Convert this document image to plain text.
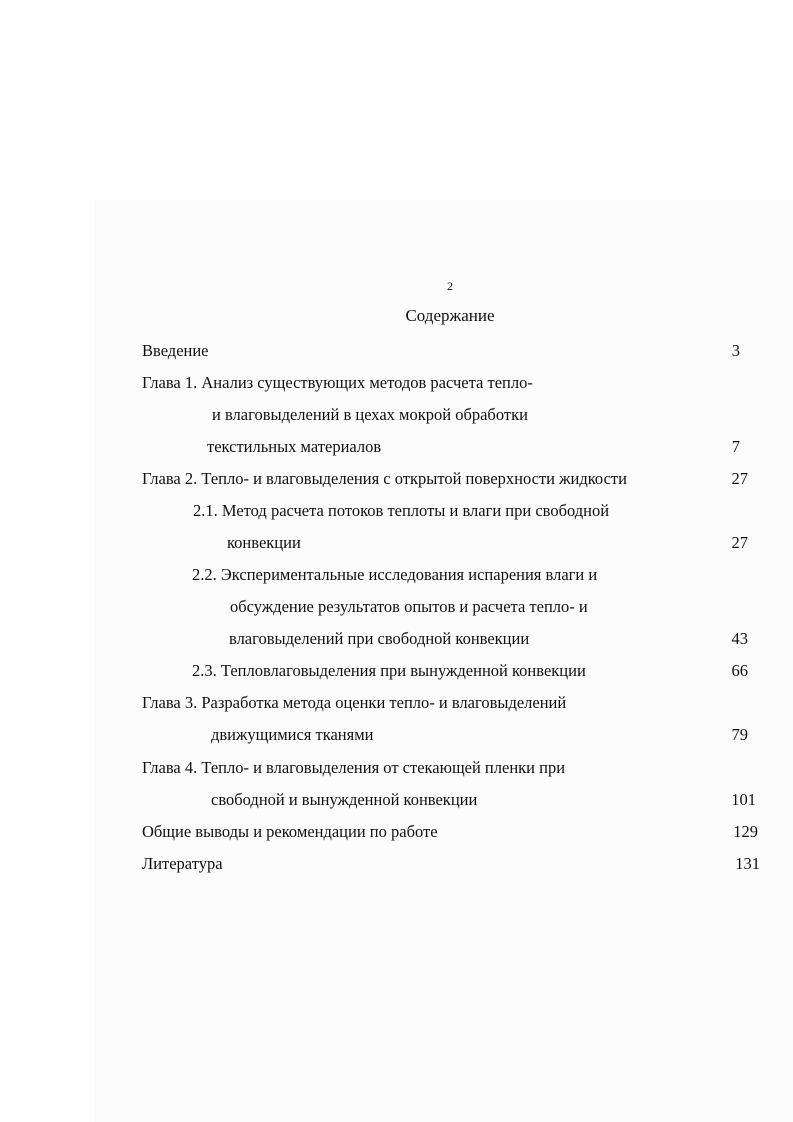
2
Содержание
Введение	3
Глава 1. Анализ существующих методов расчета тепло-
и влаговыделений в цехах мокрой обработки
текстильных материалов	7
Глава 2. Тепло- и влаговыделения с открытой поверхности жидкости	27
2.1. Метод расчета потоков теплоты и влаги при свободной
конвекции	27
2.2. Экспериментальные исследования испарения влаги и
обсуждение результатов опытов и расчета тепло- и
влаговыделений при свободной конвекции	43
2.3. Тепловлаговыделения при вынужденной конвекции	66
Глава 3. Разработка метода оценки тепло- и влаговыделений
движущимися тканями	79
Глава 4. Тепло- и влаговыделения от стекающей пленки при
свободной и вынужденной конвекции	101
Общие выводы и рекомендации по работе	129
Литература	131
